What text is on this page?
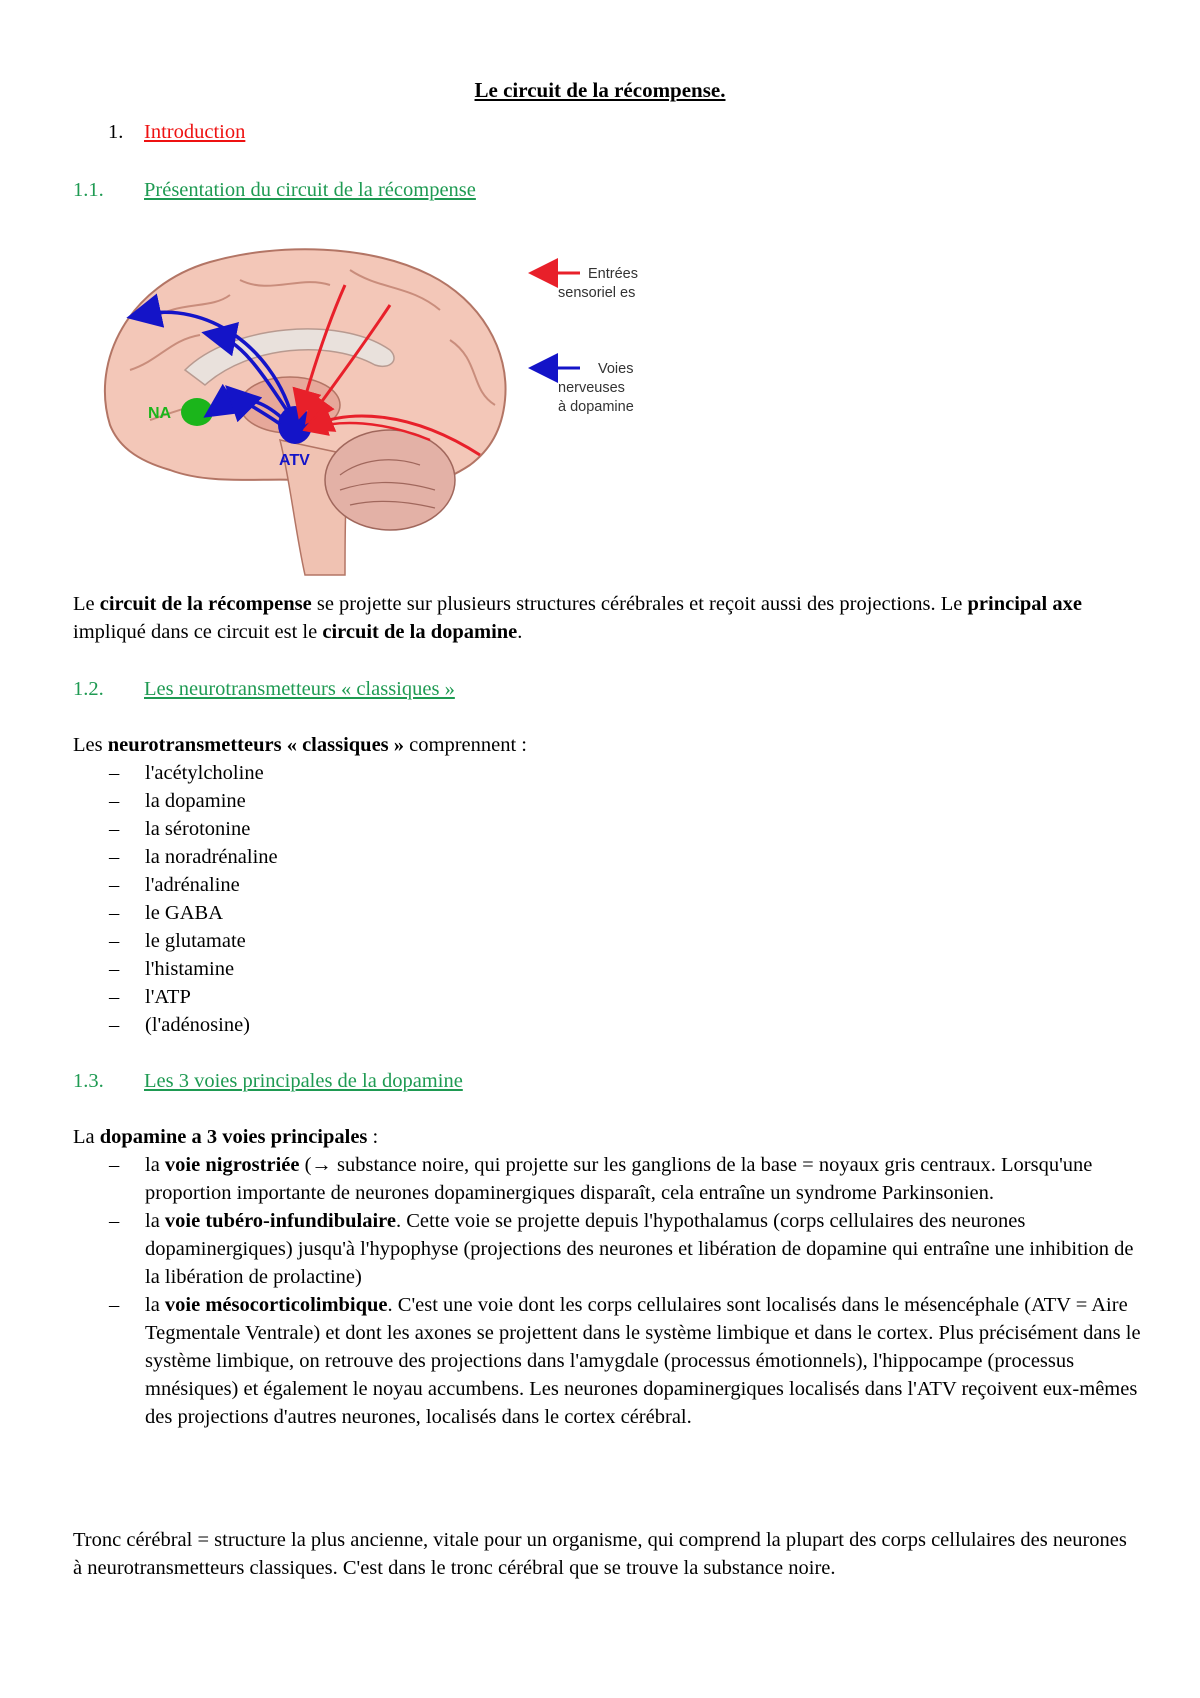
Le circuit de la récompense.
1. Introduction
1.1. Présentation du circuit de la récompense
NA
ATV
Entrées
sensoriel es
Voies
nerveuses
à dopamine
Le circuit de la récompense se projette sur plusieurs structures cérébrales et reçoit aussi des projections. Le principal axe impliqué dans ce circuit est le circuit de la dopamine.
1.2. Les neurotransmetteurs « classiques »
Les neurotransmetteurs « classiques » comprennent :
– l'acétylcholine
– la dopamine
– la sérotonine
– la noradrénaline
– l'adrénaline
– le GABA
– le glutamate
– l'histamine
– l'ATP
– (l'adénosine)
1.3. Les 3 voies principales de la dopamine
La dopamine a 3 voies principales :
– la voie nigrostriée (→ substance noire, qui projette sur les ganglions de la base = noyaux gris centraux. Lorsqu'une proportion importante de neurones dopaminergiques disparaît, cela entraîne un syndrome Parkinsonien.
– la voie tubéro-infundibulaire. Cette voie se projette depuis l'hypothalamus (corps cellulaires des neurones dopaminergiques) jusqu'à l'hypophyse (projections des neurones et libération de dopamine qui entraîne une inhibition de la libération de prolactine)
– la voie mésocorticolimbique. C'est une voie dont les corps cellulaires sont localisés dans le mésencéphale (ATV = Aire Tegmentale Ventrale) et dont les axones se projettent dans le système limbique et dans le cortex. Plus précisément dans le système limbique, on retrouve des projections dans l'amygdale (processus émotionnels), l'hippocampe (processus mnésiques) et également le noyau accumbens. Les neurones dopaminergiques localisés dans l'ATV reçoivent eux-mêmes des projections d'autres neurones, localisés dans le cortex cérébral.
Tronc cérébral = structure la plus ancienne, vitale pour un organisme, qui comprend la plupart des corps cellulaires des neurones à neurotransmetteurs classiques. C'est dans le tronc cérébral que se trouve la substance noire.
